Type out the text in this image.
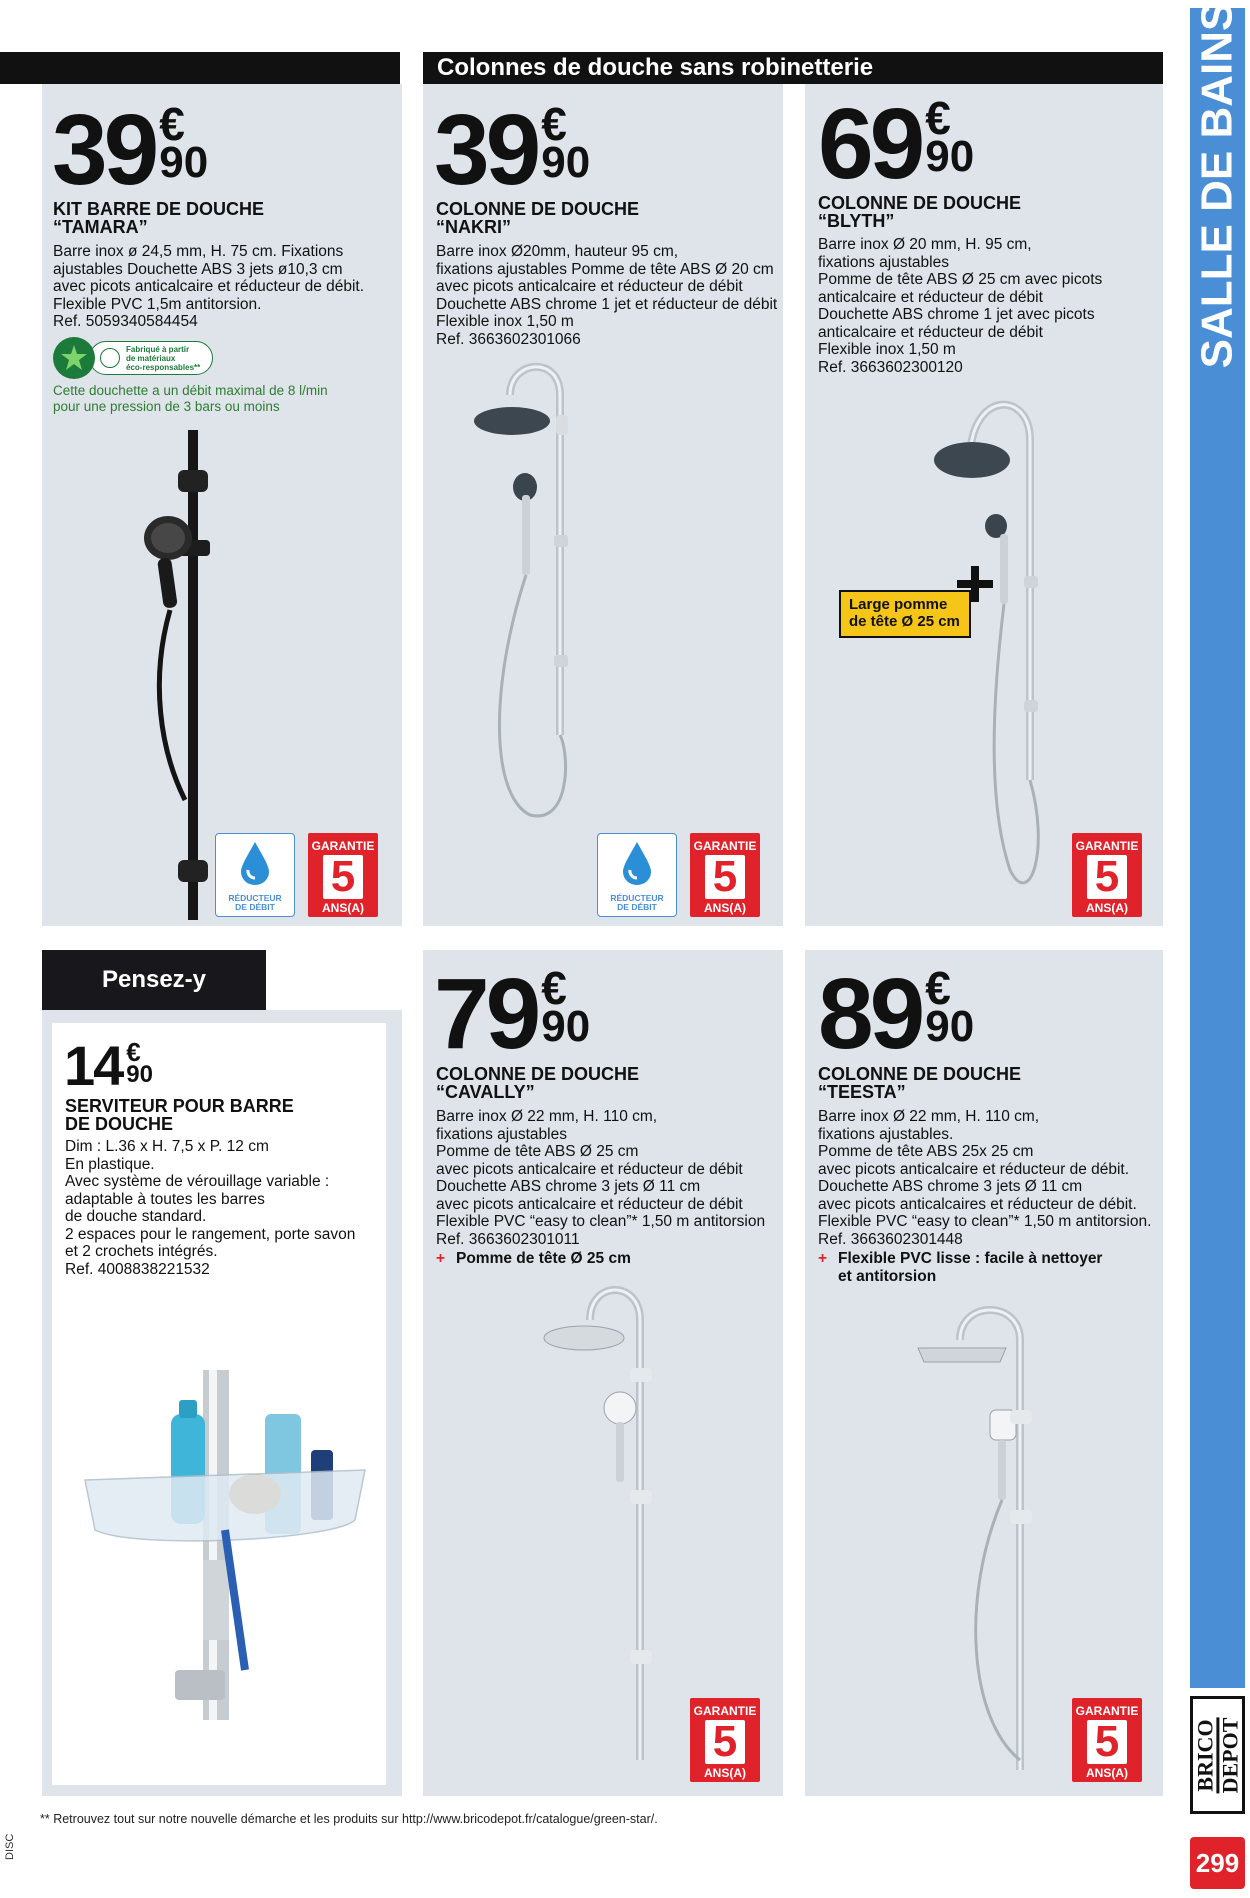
SALLE DE BAINS
BRICO DEPOT
299
DISC
Colonnes de douche sans robinetterie
39 €
90
KIT BARRE DE DOUCHE
“TAMARA”
Barre inox ø 24,5 mm, H. 75 cm. Fixations
ajustables Douchette ABS 3 jets ø10,3 cm
avec picots anticalcaire et réducteur de débit.
Flexible PVC 1,5m antitorsion.
Ref. 5059340584454
Fabriqué à partir
de matériaux
éco-responsables**
Cette douchette a un débit maximal de 8 l/min
pour une pression de 3 bars ou moins
RÉDUCTEUR
DE DÉBIT
GARANTIE
5
ANS(A)
39 €
90
COLONNE DE DOUCHE
“NAKRI”
Barre inox Ø20mm, hauteur 95 cm,
fixations ajustables Pomme de tête ABS Ø 20 cm
avec picots anticalcaire et réducteur de débit
Douchette ABS chrome 1 jet et réducteur de débit
Flexible inox 1,50 m
Ref. 3663602301066
RÉDUCTEUR
DE DÉBIT
GARANTIE
5
ANS(A)
69 €
90
COLONNE DE DOUCHE
“BLYTH”
Barre inox Ø 20 mm, H. 95 cm,
fixations ajustables
Pomme de tête ABS Ø 25 cm avec picots
anticalcaire et réducteur de débit
Douchette ABS chrome 1 jet avec picots
anticalcaire et réducteur de débit
Flexible inox 1,50 m
Ref. 3663602300120
Large pomme
de tête Ø 25 cm
GARANTIE
5
ANS(A)
Pensez-y
14 €
90
SERVITEUR POUR BARRE
DE DOUCHE
Dim : L.36 x H. 7,5 x P. 12 cm
En plastique.
Avec système de vérouillage variable :
adaptable à toutes les barres
de douche standard.
2 espaces pour le rangement, porte savon
et 2 crochets intégrés.
Ref. 4008838221532
79 €
90
COLONNE DE DOUCHE
“CAVALLY”
Barre inox Ø 22 mm, H. 110 cm,
fixations ajustables
Pomme de tête ABS Ø 25 cm
avec picots anticalcaire et réducteur de débit
Douchette ABS chrome 3 jets Ø 11 cm
avec picots anticalcaire et réducteur de débit
Flexible PVC “easy to clean”* 1,50 m antitorsion
Ref. 3663602301011
+ Pomme de tête Ø 25 cm
GARANTIE
5
ANS(A)
89 €
90
COLONNE DE DOUCHE
“TEESTA”
Barre inox Ø 22 mm, H. 110 cm,
fixations ajustables.
Pomme de tête ABS 25x 25 cm
avec picots anticalcaire et réducteur de débit.
Douchette ABS chrome 3 jets Ø 11 cm
avec picots anticalcaires et réducteur de débit.
Flexible PVC “easy to clean”* 1,50 m antitorsion.
Ref. 3663602301448
+ Flexible PVC lisse : facile à nettoyer
et antitorsion
GARANTIE
5
ANS(A)
** Retrouvez tout sur notre nouvelle démarche et les produits sur http://www.bricodepot.fr/catalogue/green-star/.
